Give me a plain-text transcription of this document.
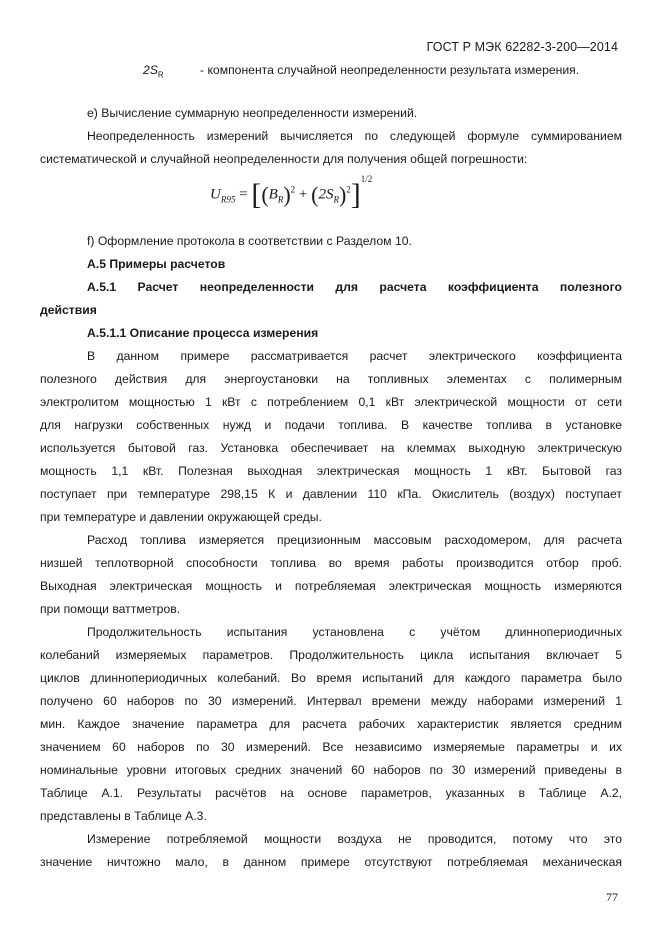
ГОСТ Р МЭК 62282-3-200—2014
$2S_R$	- компонента случайной неопределенности результата измерения.

е) Вычисление суммарную неопределенности измерений.

Неопределенность измерений вычисляется по следующей формуле суммированием

систематической и случайной неопределенности для получения общей погрешности:

$U_{R95} = [(B_R)^2 + (2S_R)^2]^{1/2}$

f) Оформление протокола в соответствии с Разделом 10.

А.5 Примеры расчетов

А.5.1 Расчет неопределенности для расчета коэффициента полезного

действия

А.5.1.1 Описание процесса измерения

В данном примере рассматривается расчет электрического коэффициента

полезного действия для энергоустановки на топливных элементах с полимерным

электролитом мощностью 1 кВт с потреблением 0,1 кВт электрической мощности от сети

для нагрузки собственных нужд и подачи топлива. В качестве топлива в установке

используется бытовой газ. Установка обеспечивает на клеммах выходную электрическую

мощность 1,1 кВт. Полезная выходная электрическая мощность 1 кВт. Бытовой газ

поступает при температуре 298,15 К и давлении 110 кПа. Окислитель (воздух) поступает

при температуре и давлении окружающей среды.

Расход топлива измеряется прецизионным массовым расходомером, для расчета

низшей теплотворной способности топлива во время работы производится отбор проб.

Выходная электрическая мощность и потребляемая электрическая мощность измеряются

при помощи ваттметров.

Продолжительность испытания установлена с учётом длиннопериодичных

колебаний измеряемых параметров. Продолжительность цикла испытания включает 5

циклов длиннопериодичных колебаний. Во время испытаний для каждого параметра было

получено 60 наборов по 30 измерений. Интервал времени между наборами измерений 1

мин. Каждое значение параметра для расчета рабочих характеристик является средним

значением 60 наборов по 30 измерений. Все независимо измеряемые параметры и их

номинальные уровни итоговых средних значений 60 наборов по 30 измерений приведены в

Таблице А.1. Результаты расчётов на основе параметров, указанных в Таблице А.2,

представлены в Таблице А.3.

Измерение потребляемой мощности воздуха не проводится, потому что это

значение ничтожно мало, в данном примере отсутствуют потребляемая механическая

77
